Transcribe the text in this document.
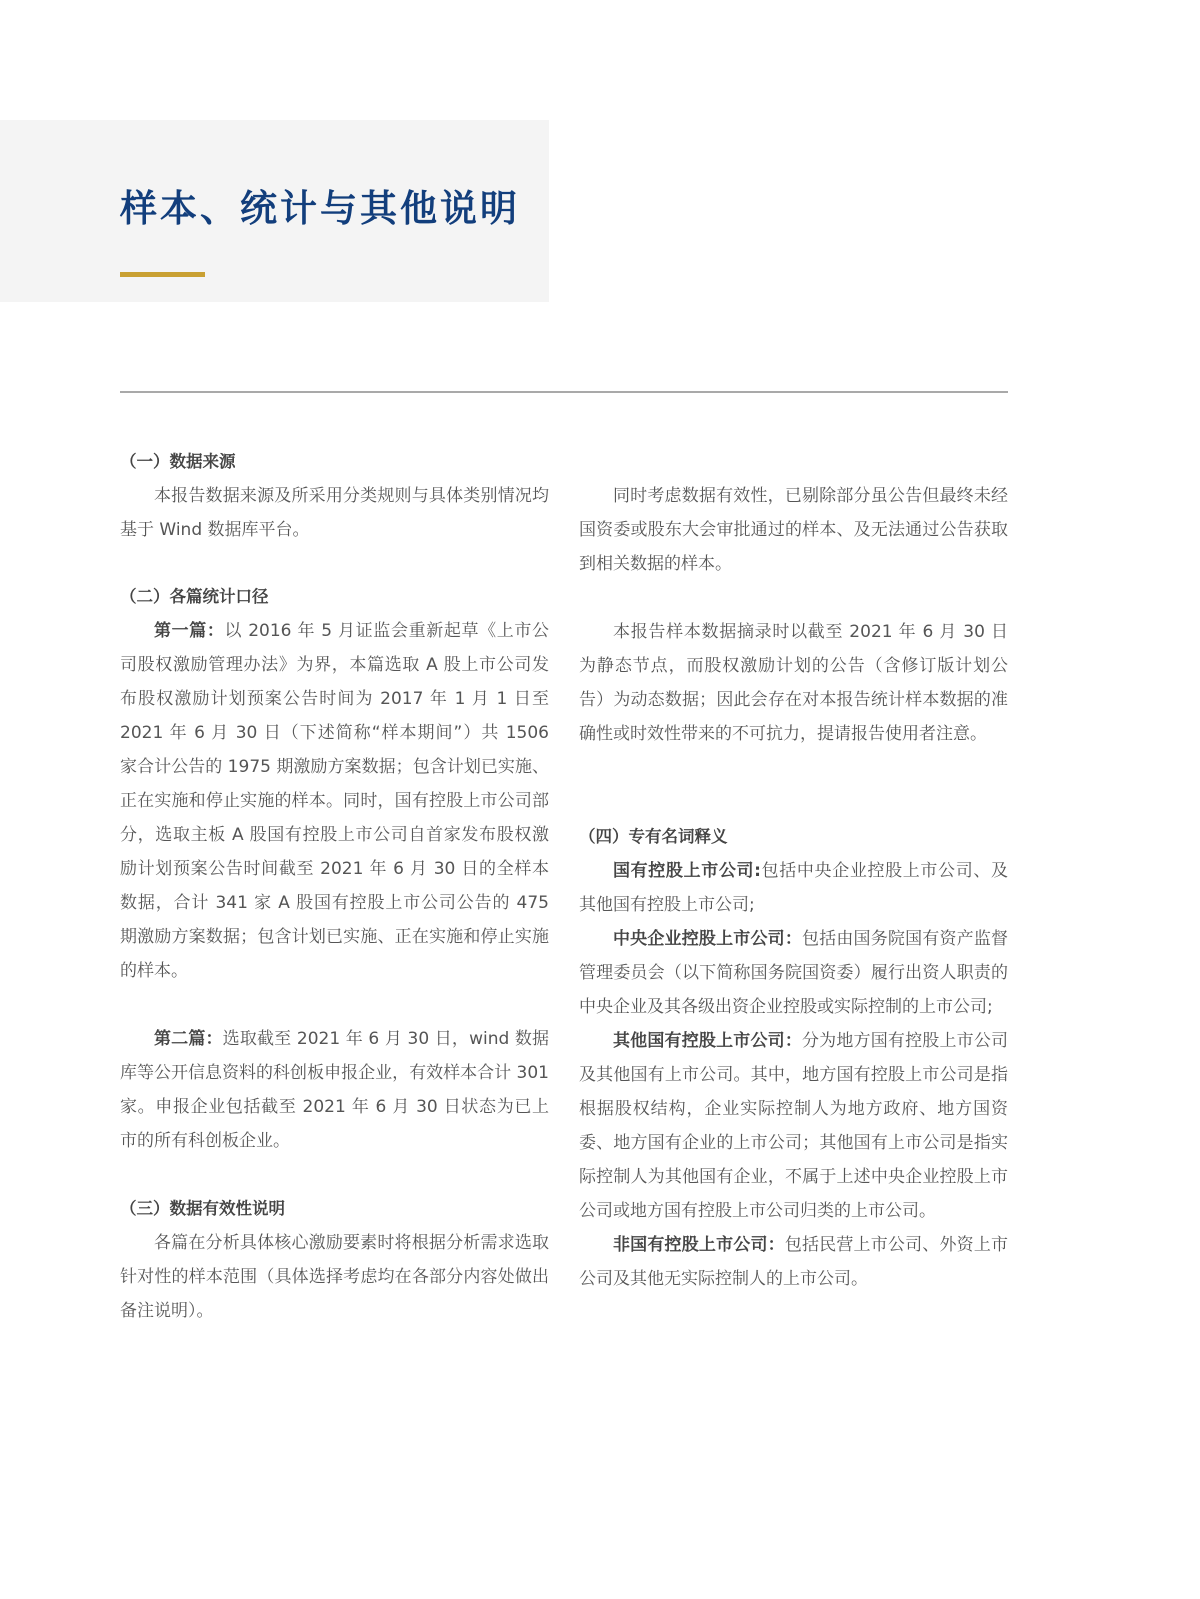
样本、统计与其他说明
（一）数据来源

本报告数据来源及所采用分类规则与具体类别情况均基于 Wind 数据库平台。

（二）各篇统计口径

第一篇：以 2016 年 5 月证监会重新起草《上市公司股权激励管理办法》为界，本篇选取 A 股上市公司发布股权激励计划预案公告时间为 2017 年 1 月 1 日至 2021 年 6 月 30 日（下述简称“样本期间”）共 1506 家合计公告的 1975 期激励方案数据；包含计划已实施、正在实施和停止实施的样本。同时，国有控股上市公司部分，选取主板 A 股国有控股上市公司自首家发布股权激励计划预案公告时间截至 2021 年 6 月 30 日的全样本数据，合计 341 家 A 股国有控股上市公司公告的 475 期激励方案数据；包含计划已实施、正在实施和停止实施的样本。

第二篇：选取截至 2021 年 6 月 30 日，wind 数据库等公开信息资料的科创板申报企业，有效样本合计 301 家。申报企业包括截至 2021 年 6 月 30 日状态为已上市的所有科创板企业。

（三）数据有效性说明

各篇在分析具体核心激励要素时将根据分析需求选取针对性的样本范围（具体选择考虑均在各部分内容处做出备注说明）。

同时考虑数据有效性，已剔除部分虽公告但最终未经国资委或股东大会审批通过的样本、及无法通过公告获取到相关数据的样本。

本报告样本数据摘录时以截至 2021 年 6 月 30 日为静态节点，而股权激励计划的公告（含修订版计划公告）为动态数据；因此会存在对本报告统计样本数据的准确性或时效性带来的不可抗力，提请报告使用者注意。

（四）专有名词释义

国有控股上市公司:包括中央企业控股上市公司、及其他国有控股上市公司;

中央企业控股上市公司：包括由国务院国有资产监督管理委员会（以下简称国务院国资委）履行出资人职责的中央企业及其各级出资企业控股或实际控制的上市公司;

其他国有控股上市公司：分为地方国有控股上市公司及其他国有上市公司。其中，地方国有控股上市公司是指根据股权结构，企业实际控制人为地方政府、地方国资委、地方国有企业的上市公司；其他国有上市公司是指实际控制人为其他国有企业，不属于上述中央企业控股上市公司或地方国有控股上市公司归类的上市公司。

非国有控股上市公司：包括民营上市公司、外资上市公司及其他无实际控制人的上市公司。
